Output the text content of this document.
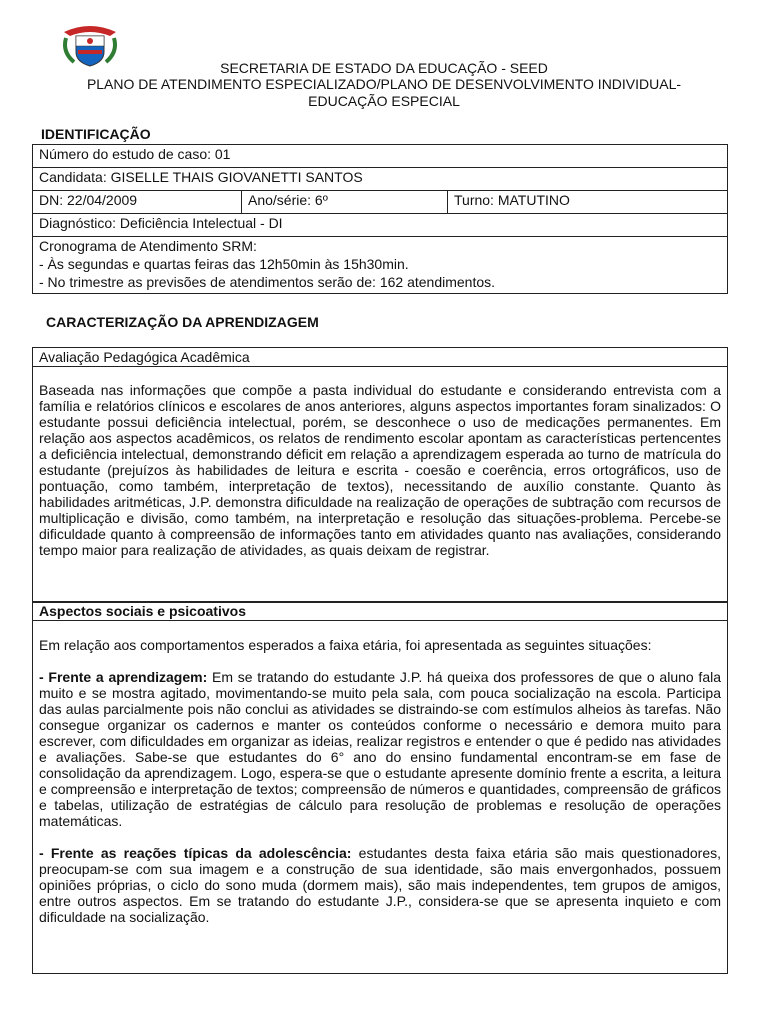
SECRETARIA DE ESTADO DA EDUCAÇÃO - SEED
PLANO DE ATENDIMENTO ESPECIALIZADO/PLANO DE DESENVOLVIMENTO INDIVIDUAL-
EDUCAÇÃO ESPECIAL
IDENTIFICAÇÃO
Número do estudo de caso: 01
Candidata: GISELLE THAIS GIOVANETTI SANTOS
DN: 22/04/2009	Ano/série: 6º	Turno: MATUTINO
Diagnóstico: Deficiência Intelectual - DI

Cronograma de Atendimento SRM:
- Às segundas e quartas feiras das 12h50min às 15h30min.
- No trimestre as previsões de atendimentos serão de: 162 atendimentos.
CARACTERIZAÇÃO DA APRENDIZAGEM
Avaliação Pedagógica Acadêmica
Baseada nas informações que compõe a pasta individual do estudante e considerando entrevista com a família e relatórios clínicos e escolares de anos anteriores, alguns aspectos importantes foram sinalizados: O estudante possui deficiência intelectual, porém, se desconhece o uso de medicações permanentes. Em relação aos aspectos acadêmicos, os relatos de rendimento escolar apontam as características pertencentes a deficiência intelectual, demonstrando déficit em relação a aprendizagem esperada ao turno de matrícula do estudante (prejuízos às habilidades de leitura e escrita - coesão e coerência, erros ortográficos, uso de pontuação, como também, interpretação de textos), necessitando de auxílio constante. Quanto às habilidades aritméticas, J.P. demonstra dificuldade na realização de operações de subtração com recursos de multiplicação e divisão, como também, na interpretação e resolução das situações-problema. Percebe-se dificuldade quanto à compreensão de informações tanto em atividades quanto nas avaliações, considerando tempo maior para realização de atividades, as quais deixam de registrar.
Aspectos sociais e psicoativos
Em relação aos comportamentos esperados a faixa etária, foi apresentada as seguintes situações:
- Frente a aprendizagem: Em se tratando do estudante J.P. há queixa dos professores de que o aluno fala muito e se mostra agitado, movimentando-se muito pela sala, com pouca socialização na escola. Participa das aulas parcialmente pois não conclui as atividades se distraindo-se com estímulos alheios às tarefas. Não consegue organizar os cadernos e manter os conteúdos conforme o necessário e demora muito para escrever, com dificuldades em organizar as ideias, realizar registros e entender o que é pedido nas atividades e avaliações. Sabe-se que estudantes do 6° ano do ensino fundamental encontram-se em fase de consolidação da aprendizagem. Logo, espera-se que o estudante apresente domínio frente a escrita, a leitura e compreensão e interpretação de textos; compreensão de números e quantidades, compreensão de gráficos e tabelas, utilização de estratégias de cálculo para resolução de problemas e resolução de operações matemáticas.
- Frente as reações típicas da adolescência: estudantes desta faixa etária são mais questionadores, preocupam-se com sua imagem e a construção de sua identidade, são mais envergonhados, possuem opiniões próprias, o ciclo do sono muda (dormem mais), são mais independentes, tem grupos de amigos, entre outros aspectos. Em se tratando do estudante J.P., considera-se que se apresenta inquieto e com dificuldade na socialização.
